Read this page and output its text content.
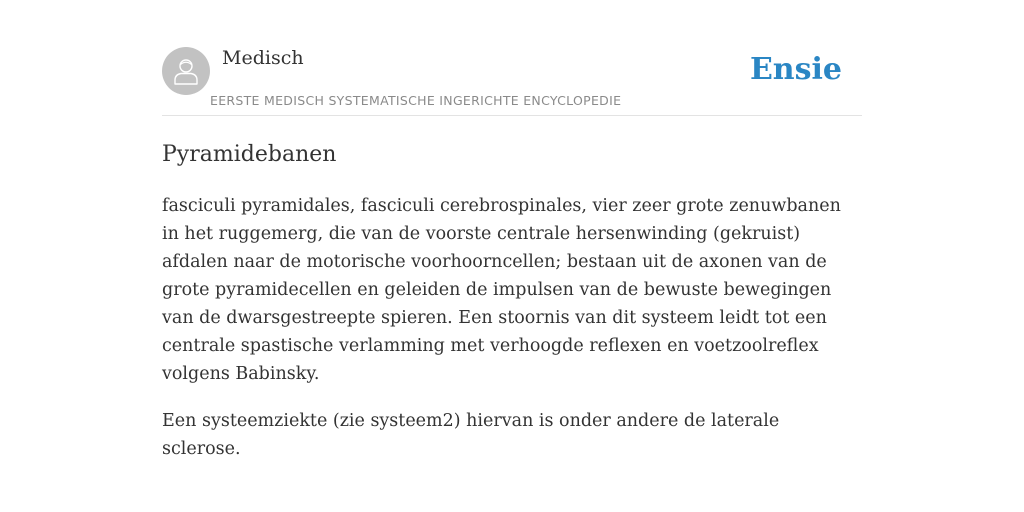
Medisch
EERSTE MEDISCH SYSTEMATISCHE INGERICHTE ENCYCLOPEDIE
Ensie
Pyramidebanen

fasciculi pyramidales, fasciculi cerebrospinales, vier zeer grote zenuwbanen in het ruggemerg, die van de voorste centrale hersenwinding (gekruist) afdalen naar de motorische voorhoorncellen; bestaan uit de axonen van de grote pyramidecellen en geleiden de impulsen van de bewuste bewegingen van de dwarsgestreepte spieren. Een stoornis van dit systeem leidt tot een centrale spastische verlamming met verhoogde reflexen en voetzoolreflex volgens Babinsky.

Een systeemziekte (zie systeem2) hiervan is onder andere de laterale sclerose.
